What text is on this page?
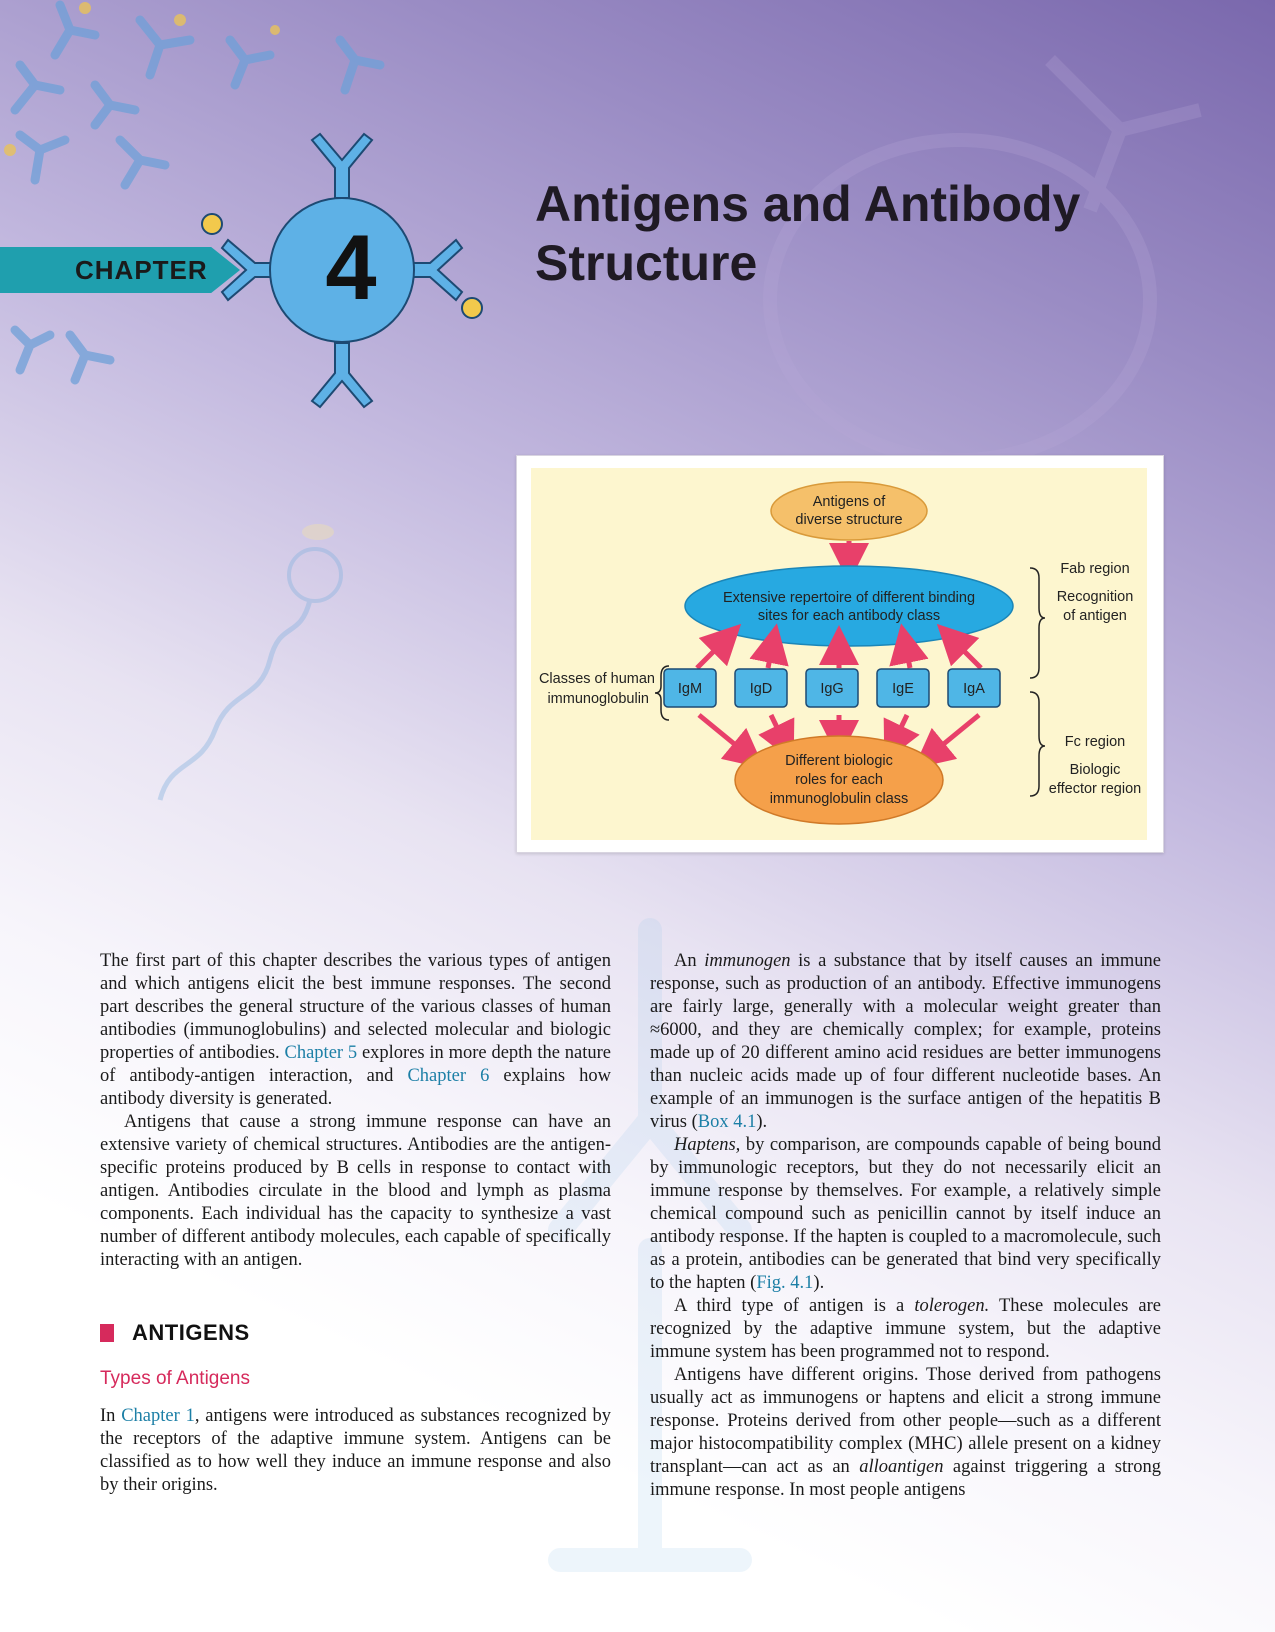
CHAPTER 4
Antigens and Antibody
Structure
Antigens of
diverse structure
Extensive repertoire of different binding
sites for each antibody class
Classes of human
immunoglobulin
IgM	IgD	IgG	IgE	IgA
Different biologic
roles for each
immunoglobulin class
Fab region
Recognition
of antigen
Fc region
Biologic
effector region

The first part of this chapter describes the various types of antigen and which antigens elicit the best immune responses. The second part describes the general structure of the various classes of human antibodies (immunoglobulins) and selected molecular and biologic properties of antibodies. Chapter 5 explores in more depth the nature of antibody-antigen interaction, and Chapter 6 explains how antibody diversity is generated.

Antigens that cause a strong immune response can have an extensive variety of chemical structures. Antibodies are the antigen-specific proteins produced by B cells in response to contact with antigen. Antibodies circulate in the blood and lymph as plasma components. Each individual has the capacity to synthesize a vast number of different antibody molecules, each capable of specifically interacting with an antigen.

ANTIGENS
Types of Antigens

In Chapter 1, antigens were introduced as substances recognized by the receptors of the adaptive immune system. Antigens can be classified as to how well they induce an immune response and also by their origins.

An immunogen is a substance that by itself causes an immune response, such as production of an antibody. Effective immunogens are fairly large, generally with a molecular weight greater than ≈6000, and they are chemically complex; for example, proteins made up of 20 different amino acid residues are better immunogens than nucleic acids made up of four different nucleotide bases. An example of an immunogen is the surface antigen of the hepatitis B virus (Box 4.1).

Haptens, by comparison, are compounds capable of being bound by immunologic receptors, but they do not necessarily elicit an immune response by themselves. For example, a relatively simple chemical compound such as penicillin cannot by itself induce an antibody response. If the hapten is coupled to a macromolecule, such as a protein, antibodies can be generated that bind very specifically to the hapten (Fig. 4.1).

A third type of antigen is a tolerogen. These molecules are recognized by the adaptive immune system, but the adaptive immune system has been programmed not to respond.

Antigens have different origins. Those derived from pathogens usually act as immunogens or haptens and elicit a strong immune response. Proteins derived from other people—such as a different major histocompatibility complex (MHC) allele present on a kidney transplant—can act as an alloantigen against triggering a strong immune response. In most people antigens
